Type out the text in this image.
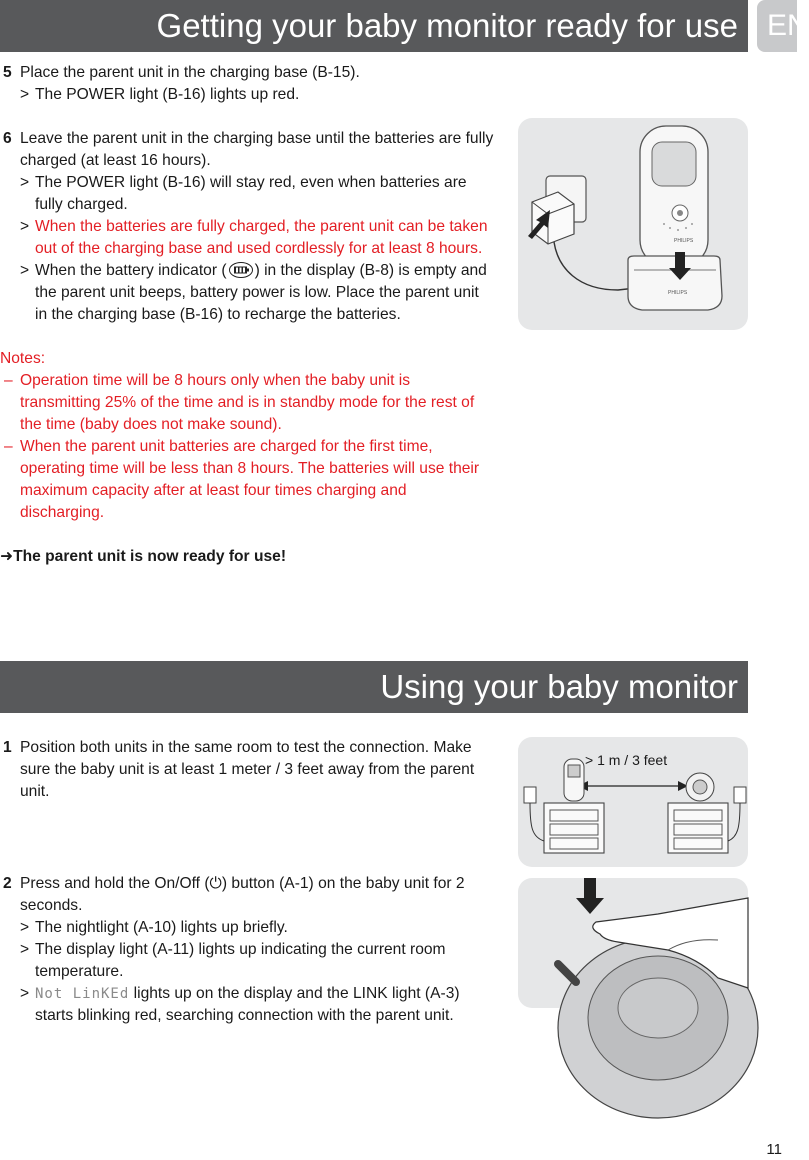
Getting your baby monitor ready for use EN
5 Place the parent unit in the charging base (B-15).
> The POWER light (B-16) lights up red.
6 Leave the parent unit in the charging base until the batteries are fully charged (at least 16 hours).
> The POWER light (B-16) will stay red, even when batteries are fully charged.
> When the batteries are fully charged, the parent unit can be taken out of the charging base and used cordlessly for at least 8 hours.
> When the battery indicator ( ) in the display (B-8) is empty and the parent unit beeps, battery power is low. Place the parent unit in the charging base (B-16) to recharge the batteries.
Notes:
– Operation time will be 8 hours only when the baby unit is transmitting 25% of the time and is in standby mode for the rest of the time (baby does not make sound).
– When the parent unit batteries are charged for the first time, operating time will be less than 8 hours. The batteries will use their maximum capacity after at least four times charging and discharging.
➜The parent unit is now ready for use!
PHILIPS
PHILIPS
Using your baby monitor
1 Position both units in the same room to test the connection. Make sure the baby unit is at least 1 meter / 3 feet away from the parent unit.
2 Press and hold the On/Off (⏻) button (A-1) on the baby unit for 2 seconds.
> The nightlight (A-10) lights up briefly.
> The display light (A-11) lights up indicating the current room temperature.
> Not LinKEd lights up on the display and the LINK light (A-3) starts blinking red, searching connection with the parent unit.
> 1 m / 3 feet
11
